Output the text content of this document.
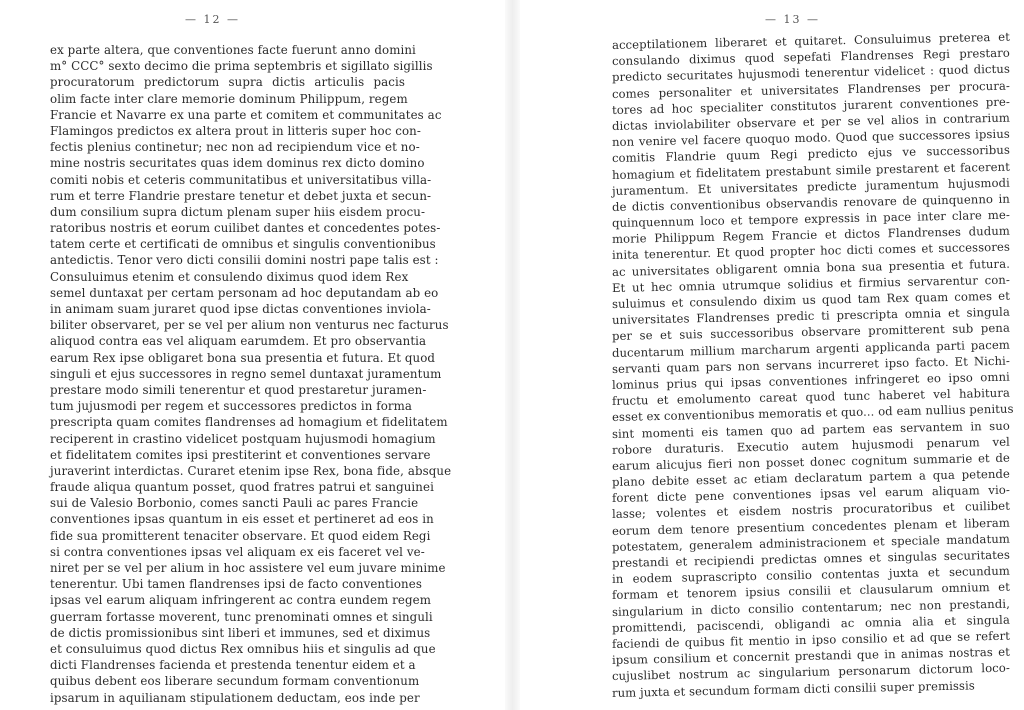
— 12 —

ex parte altera, que conventiones facte fuerunt anno domini
m° CCC° sexto decimo die prima septembris et sigillato sigillis
procuratorum predictorum supra dictis articulis pacis
olim facte inter clare memorie dominum Philippum, regem
Francie et Navarre ex una parte et comitem et communitates ac
Flamingos predictos ex altera prout in litteris super hoc con-
fectis plenius continetur; nec non ad recipiendum vice et no-
mine nostris securitates quas idem dominus rex dicto domino
comiti nobis et ceteris communitatibus et universitatibus villa-
rum et terre Flandrie prestare tenetur et debet juxta et secun-
dum consilium supra dictum plenam super hiis eisdem procu-
ratoribus nostris et eorum cuilibet dantes et concedentes potes-
tatem certe et certificati de omnibus et singulis conventionibus
antedictis. Tenor vero dicti consilii domini nostri pape talis est :
Consuluimus etenim et consulendo diximus quod idem Rex
semel duntaxat per certam personam ad hoc deputandam ab eo
in animam suam juraret quod ipse dictas conventiones inviola-
biliter observaret, per se vel per alium non venturus nec facturus
aliquod contra eas vel aliquam earumdem. Et pro observantia
earum Rex ipse obligaret bona sua presentia et futura. Et quod
singuli et ejus successores in regno semel duntaxat juramentum
prestare modo simili tenerentur et quod prestaretur juramen-
tum jujusmodi per regem et successores predictos in forma
prescripta quam comites flandrenses ad homagium et fidelitatem
reciperent in crastino videlicet postquam hujusmodi homagium
et fidelitatem comites ipsi prestiterint et conventiones servare
juraverint interdictas. Curaret etenim ipse Rex, bona fide, absque
fraude aliqua quantum posset, quod fratres patrui et sanguinei
sui de Valesio Borbonio, comes sancti Pauli ac pares Francie
conventiones ipsas quantum in eis esset et pertineret ad eos in
fide sua promitterent tenaciter observare. Et quod eidem Regi
si contra conventiones ipsas vel aliquam ex eis faceret vel ve-
niret per se vel per alium in hoc assistere vel eum juvare minime
tenerentur. Ubi tamen flandrenses ipsi de facto conventiones
ipsas vel earum aliquam infringerent ac contra eundem regem
guerram fortasse moverent, tunc prenominati omnes et singuli
de dictis promissionibus sint liberi et immunes, sed et diximus
et consuluimus quod dictus Rex omnibus hiis et singulis ad que
dicti Flandrenses facienda et prestenda tenentur eidem et a
quibus debent eos liberare secundum formam conventionum
ipsarum in aquilianam stipulationem deductam, eos inde per

— 13 —

acceptilationem liberaret et quitaret. Consuluimus preterea et
consulando diximus quod sepefati Flandrenses Regi prestaro
predicto securitates hujusmodi tenerentur videlicet : quod dictus
comes personaliter et universitates Flandrenses per procura-
tores ad hoc specialiter constitutos jurarent conventiones pre-
dictas inviolabiliter observare et per se vel alios in contrarium
non venire vel facere quoquo modo. Quod que successores ipsius
comitis Flandrie quum Regi predicto ejus ve successoribus
homagium et fidelitatem prestabunt simile prestarent et facerent
juramentum. Et universitates predicte juramentum hujusmodi
de dictis conventionibus observandis renovare de quinquenno in
quinquennum loco et tempore expressis in pace inter clare me-
morie Philippum Regem Francie et dictos Flandrenses dudum
inita tenerentur. Et quod propter hoc dicti comes et successores
ac universitates obligarent omnia bona sua presentia et futura.
Et ut hec omnia utrumque solidius et firmius servarentur con-
suluimus et consulendo dixim us quod tam Rex quam comes et
universitates Flandrenses predic ti prescripta omnia et singula
per se et suis successoribus observare promitterent sub pena
ducentarum millium marcharum argenti applicanda parti pacem
servanti quam pars non servans incurreret ipso facto. Et Nichi-
lominus prius qui ipsas conventiones infringeret eo ipso omni
fructu et emolumento careat quod tunc haberet vel habitura
esset ex conventionibus memoratis et quo... od eam nullius penitus
sint momenti eis tamen quo ad partem eas servantem in suo
robore duraturis. Executio autem hujusmodi penarum vel
earum alicujus fieri non posset donec cognitum summarie et de
plano debite esset ac etiam declaratum partem a qua petende
forent dicte pene conventiones ipsas vel earum aliquam vio-
lasse; volentes et eisdem nostris procuratoribus et cuilibet
eorum dem tenore presentium concedentes plenam et liberam
potestatem, generalem administracionem et speciale mandatum
prestandi et recipiendi predictas omnes et singulas securitates
in eodem suprascripto consilio contentas juxta et secundum
formam et tenorem ipsius consilii et clausularum omnium et
singularium in dicto consilio contentarum; nec non prestandi,
promittendi, paciscendi, obligandi ac omnia alia et singula
faciendi de quibus fit mentio in ipso consilio et ad que se refert
ipsum consilium et concernit prestandi que in animas nostras et
cujuslibet nostrum ac singularium personarum dictorum loco-
rum juxta et secundum formam dicti consilii super premissis
